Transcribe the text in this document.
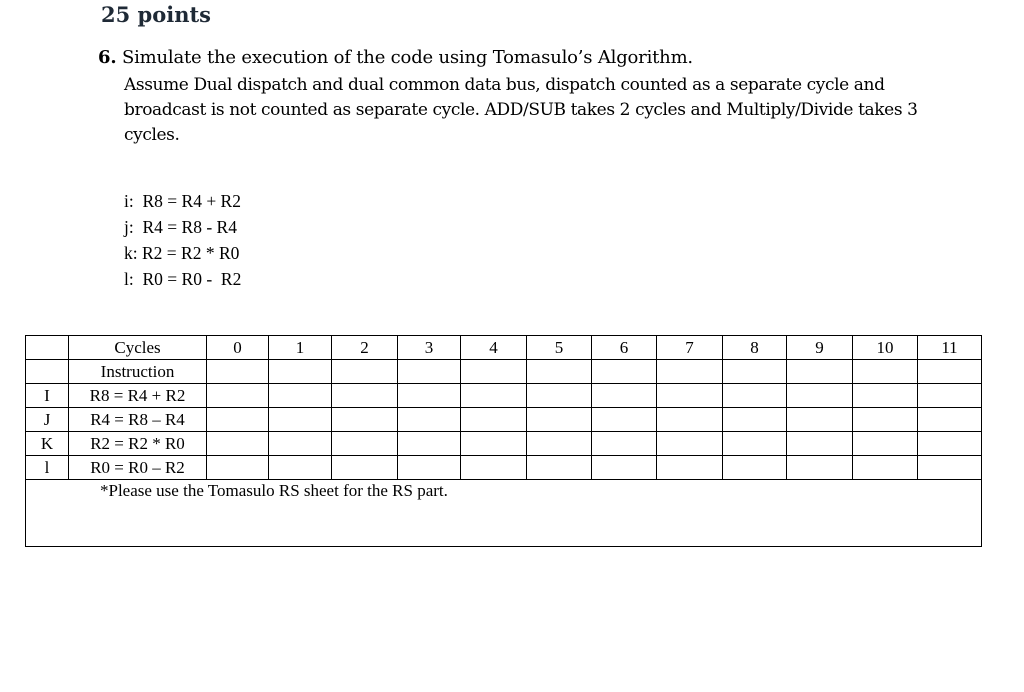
25 points
6. Simulate the execution of the code using Tomasulo’s Algorithm.
Assume Dual dispatch and dual common data bus, dispatch counted as a separate cycle and
broadcast is not counted as separate cycle. ADD/SUB takes 2 cycles and Multiply/Divide takes 3
cycles.
i:  R8 = R4 + R2
j:  R4 = R8 - R4
k: R2 = R2 * R0
l:  R0 = R0 -  R2
	Cycles	0	1	2	3	4	5	6	7	8	9	10	11
	Instruction												
I	R8 = R4 + R2												
J	R4 = R8 – R4												
K	R2 = R2 * R0												
l	R0 = R0 – R2												
*Please use the Tomasulo RS sheet for the RS part.													
